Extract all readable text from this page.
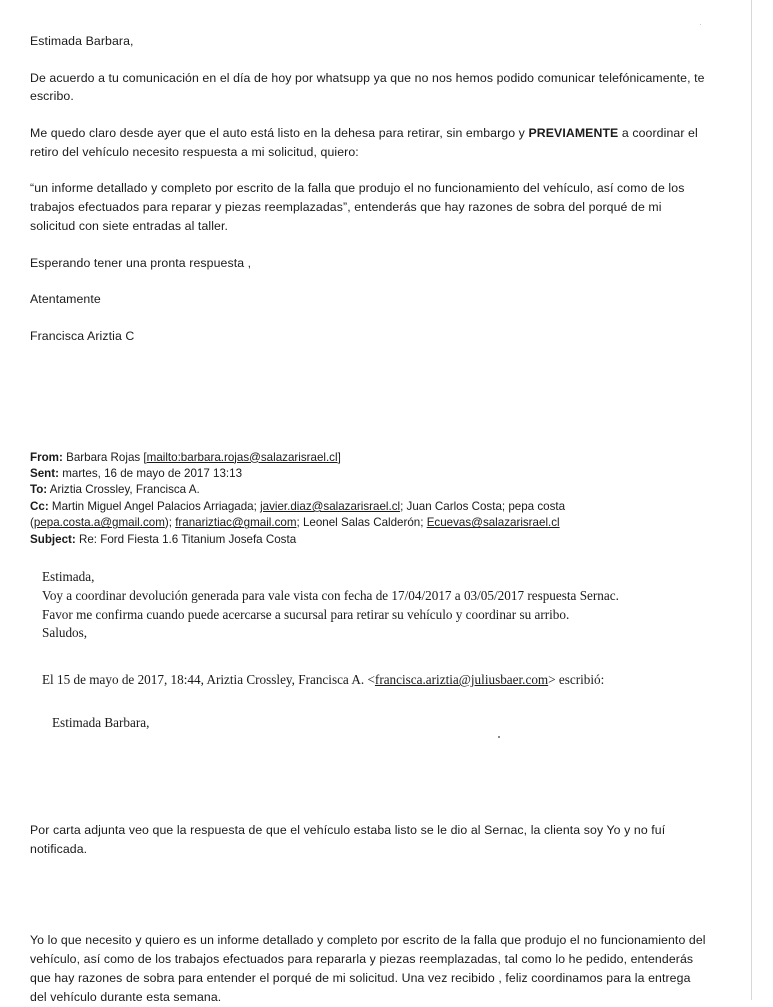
Estimada Barbara,

De acuerdo a tu comunicación en el día de hoy por whatsupp ya que no nos hemos podido comunicar telefónicamente, te escribo.

Me quedo claro desde ayer que el auto está listo en la dehesa para retirar, sin embargo y PREVIAMENTE a coordinar el retiro del vehículo necesito respuesta a mi solicitud, quiero:

“un informe detallado y completo por escrito de la falla que produjo el no funcionamiento del vehículo, así como de los trabajos efectuados para reparar y piezas reemplazadas”, entenderás que hay razones de sobra del porqué de mi solicitud con siete entradas al taller.

Esperando tener una pronta respuesta ,

Atentamente

Francisca Ariztia C

From: Barbara Rojas [mailto:barbara.rojas@salazarisrael.cl]

Sent: martes, 16 de mayo de 2017 13:13

To: Ariztia Crossley, Francisca A.

Cc: Martin Miguel Angel Palacios Arriagada; javier.diaz@salazarisrael.cl; Juan Carlos Costa; pepa costa
(pepa.costa.a@gmail.com); franariztiac@gmail.com; Leonel Salas Calderón; Ecuevas@salazarisrael.cl

Subject: Re: Ford Fiesta 1.6 Titanium Josefa Costa

Estimada,

Voy a coordinar devolución generada para vale vista con fecha de 17/04/2017 a 03/05/2017 respuesta Sernac.

Favor me confirma cuando puede acercarse a sucursal para retirar su vehículo y coordinar su arribo.

Saludos,

El 15 de mayo de 2017, 18:44, Ariztia Crossley, Francisca A. <francisca.ariztia@juliusbaer.com> escribió:

Estimada Barbara,

Por carta adjunta veo que la respuesta de que el vehículo estaba listo se le dio al Sernac, la clienta soy Yo y no fuí notificada.

Yo lo que necesito y quiero es un informe detallado y completo por escrito de la falla que produjo el no funcionamiento del vehículo, así como de los trabajos efectuados para repararla y piezas reemplazadas, tal como lo he pedido, entenderás que hay razones de sobra para entender el porqué de mi solicitud. Una vez recibido , feliz coordinamos para la entrega del vehículo durante esta semana.
